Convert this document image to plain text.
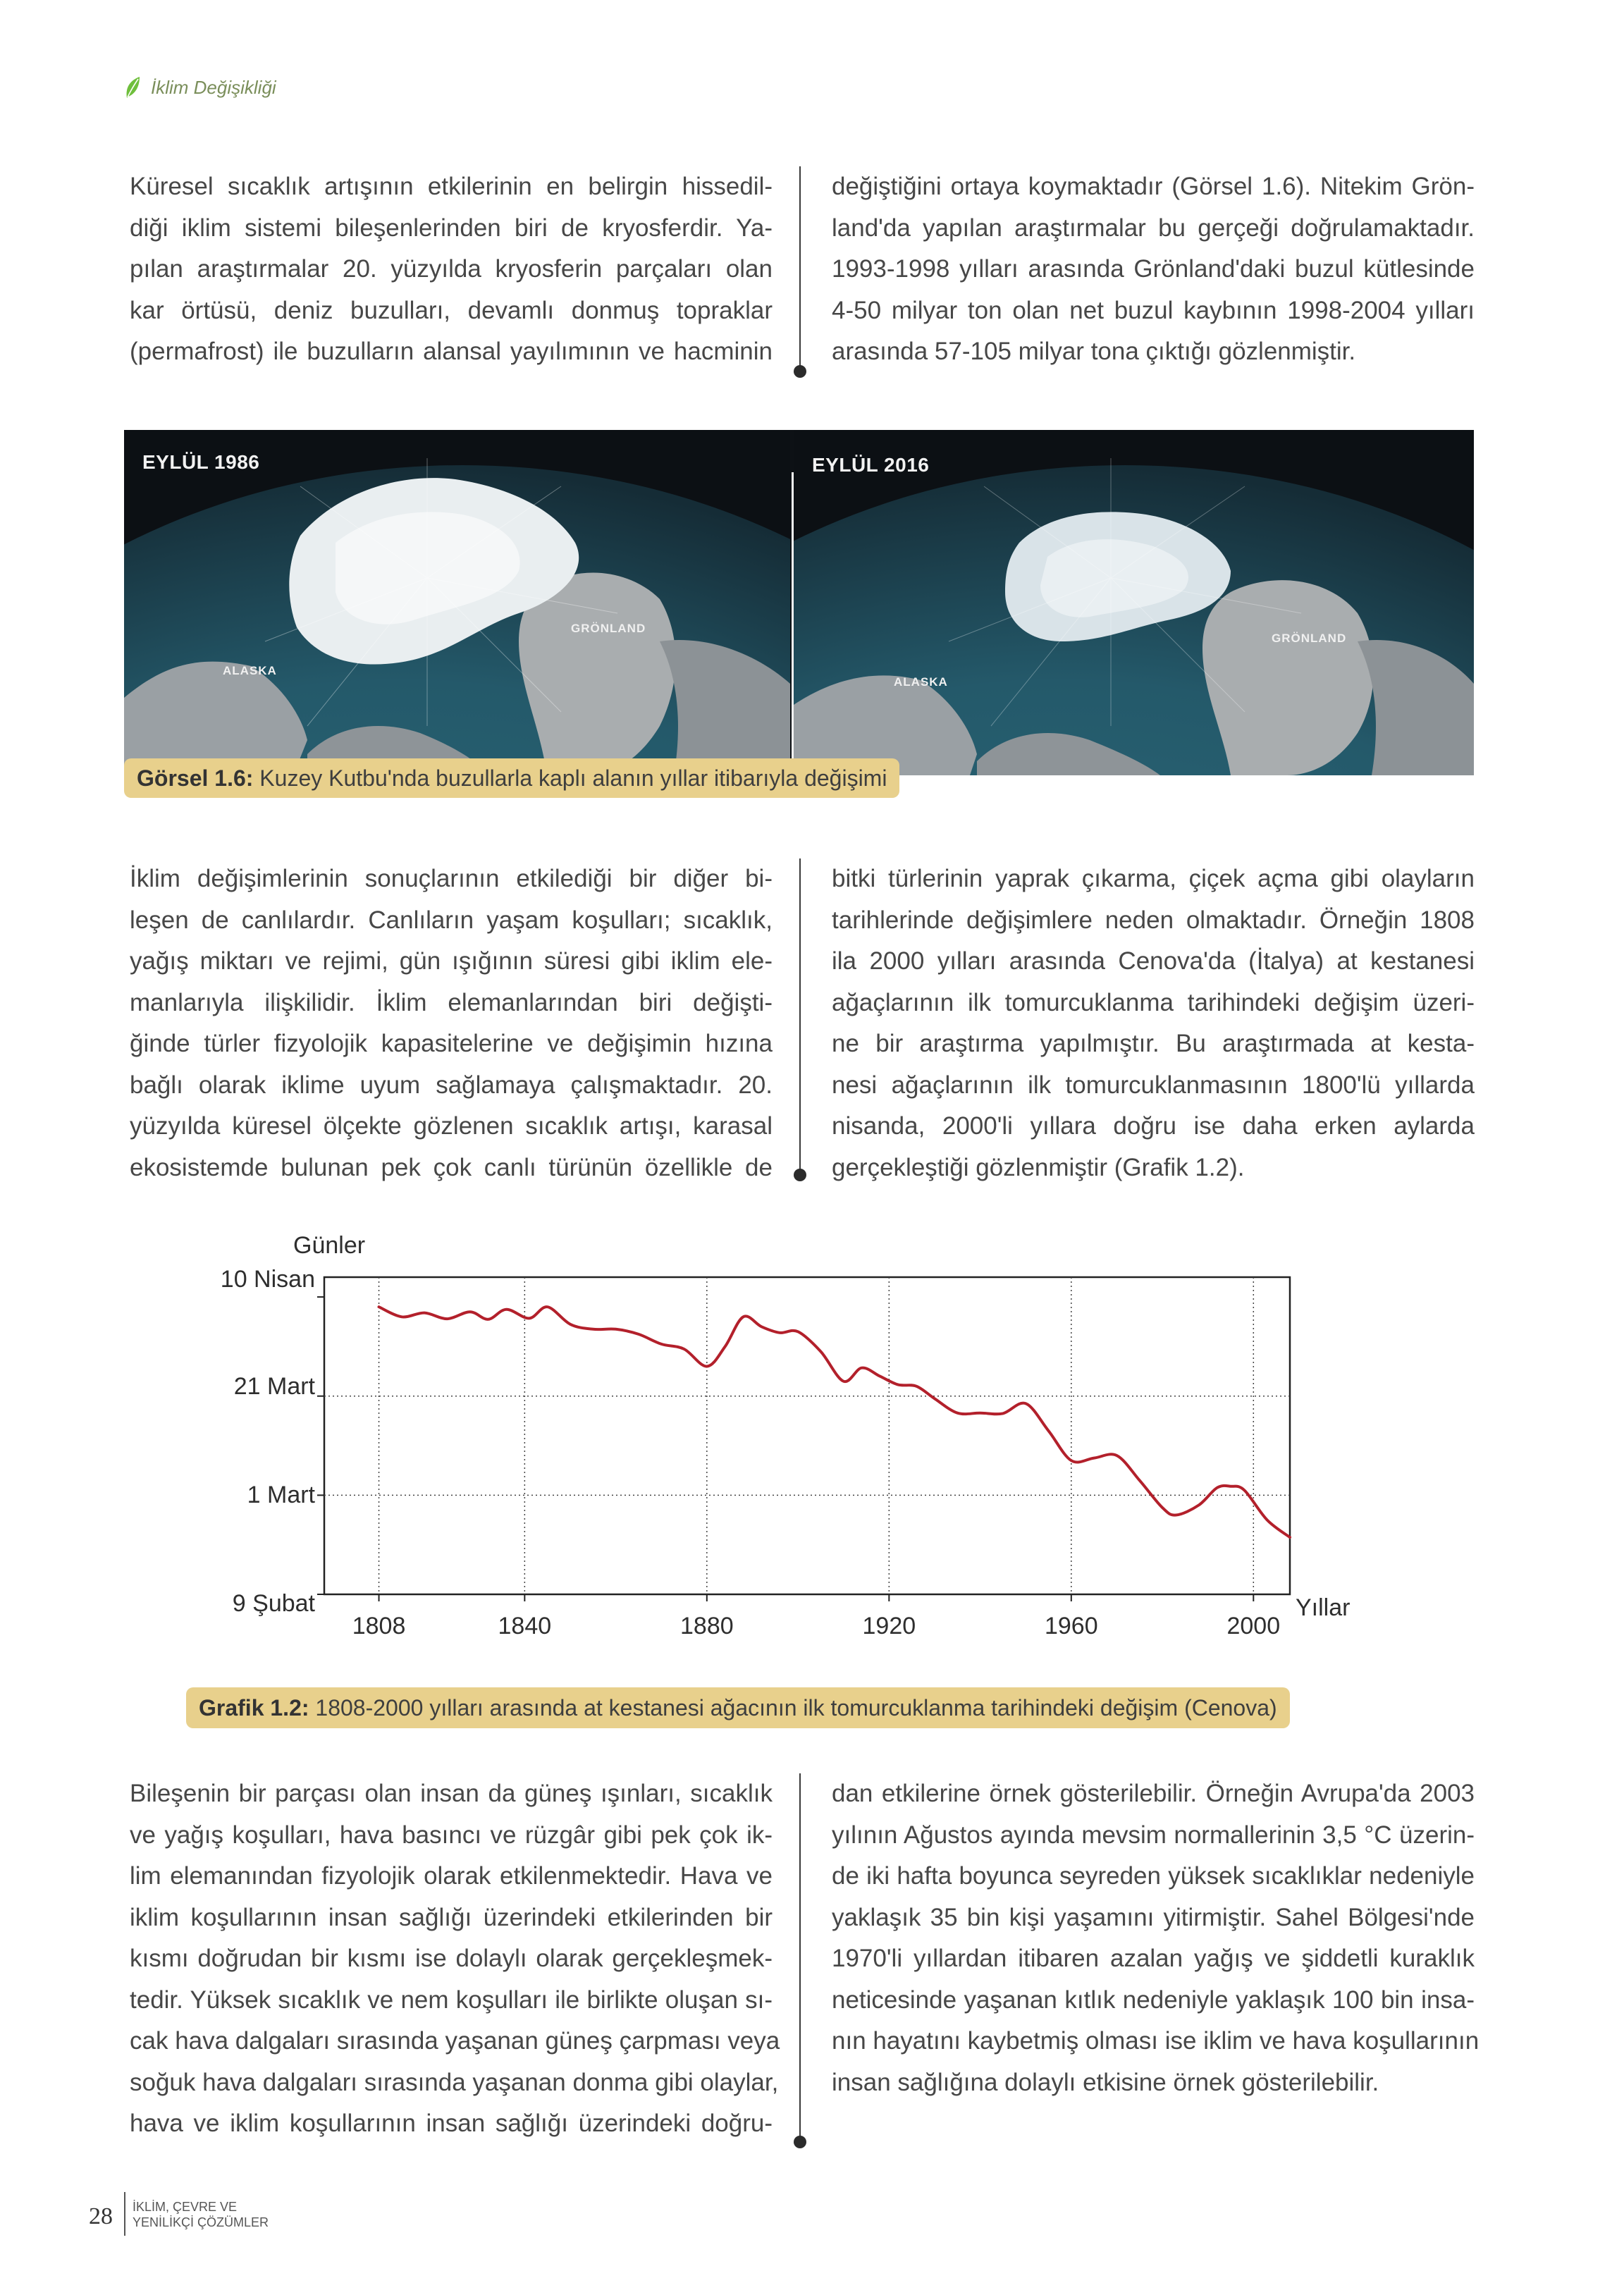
İklim Değişikliği
Küresel sıcaklık artışının etkilerinin en belirgin hissedil-
diği iklim sistemi bileşenlerinden biri de kryosferdir. Ya-
pılan araştırmalar 20. yüzyılda kryosferin parçaları olan
kar örtüsü, deniz buzulları, devamlı donmuş topraklar
(permafrost) ile buzulların alansal yayılımının ve hacminin
değiştiğini ortaya koymaktadır (Görsel 1.6). Nitekim Grön-
land'da yapılan araştırmalar bu gerçeği doğrulamaktadır.
1993-1998 yılları arasında Grönland'daki buzul kütlesinde
4-50 milyar ton olan net buzul kaybının 1998-2004 yılları
arasında 57-105 milyar tona çıktığı gözlenmiştir.
EYLÜL 1986
ALASKA
GRÖNLAND
EYLÜL 2016
ALASKA
GRÖNLAND
Görsel 1.6: Kuzey Kutbu'nda buzullarla kaplı alanın yıllar itibarıyla değişimi
İklim değişimlerinin sonuçlarının etkilediği bir diğer bi-
leşen de canlılardır. Canlıların yaşam koşulları; sıcaklık,
yağış miktarı ve rejimi, gün ışığının süresi gibi iklim ele-
manlarıyla ilişkilidir. İklim elemanlarından biri değişti-
ğinde türler fizyolojik kapasitelerine ve değişimin hızına
bağlı olarak iklime uyum sağlamaya çalışmaktadır. 20.
yüzyılda küresel ölçekte gözlenen sıcaklık artışı, karasal
ekosistemde bulunan pek çok canlı türünün özellikle de
bitki türlerinin yaprak çıkarma, çiçek açma gibi olayların
tarihlerinde değişimlere neden olmaktadır. Örneğin 1808
ila 2000 yılları arasında Cenova'da (İtalya) at kestanesi
ağaçlarının ilk tomurcuklanma tarihindeki değişim üzeri-
ne bir araştırma yapılmıştır. Bu araştırmada at kesta-
nesi ağaçlarının ilk tomurcuklanmasının 1800'lü yıllarda
nisanda, 2000'li yıllara doğru ise daha erken aylarda
gerçekleştiği gözlenmiştir (Grafik 1.2).
Günler
Yıllar
10 Nisan
21 Mart
1 Mart
9 Şubat
1808	1840	1880	1920	1960	2000
Grafik 1.2: 1808-2000 yılları arasında at kestanesi ağacının ilk tomurcuklanma tarihindeki değişim (Cenova)
Bileşenin bir parçası olan insan da güneş ışınları, sıcaklık
ve yağış koşulları, hava basıncı ve rüzgâr gibi pek çok ik-
lim elemanından fizyolojik olarak etkilenmektedir. Hava ve
iklim koşullarının insan sağlığı üzerindeki etkilerinden bir
kısmı doğrudan bir kısmı ise dolaylı olarak gerçekleşmek-
tedir. Yüksek sıcaklık ve nem koşulları ile birlikte oluşan sı-
cak hava dalgaları sırasında yaşanan güneş çarpması veya
soğuk hava dalgaları sırasında yaşanan donma gibi olaylar,
hava ve iklim koşullarının insan sağlığı üzerindeki doğru-
dan etkilerine örnek gösterilebilir. Örneğin Avrupa'da 2003
yılının Ağustos ayında mevsim normallerinin 3,5 °C üzerin-
de iki hafta boyunca seyreden yüksek sıcaklıklar nedeniyle
yaklaşık 35 bin kişi yaşamını yitirmiştir. Sahel Bölgesi'nde
1970'li yıllardan itibaren azalan yağış ve şiddetli kuraklık
neticesinde yaşanan kıtlık nedeniyle yaklaşık 100 bin insa-
nın hayatını kaybetmiş olması ise iklim ve hava koşullarının
insan sağlığına dolaylı etkisine örnek gösterilebilir.
28 İKLİM, ÇEVRE VE
YENİLİKÇİ ÇÖZÜMLER
